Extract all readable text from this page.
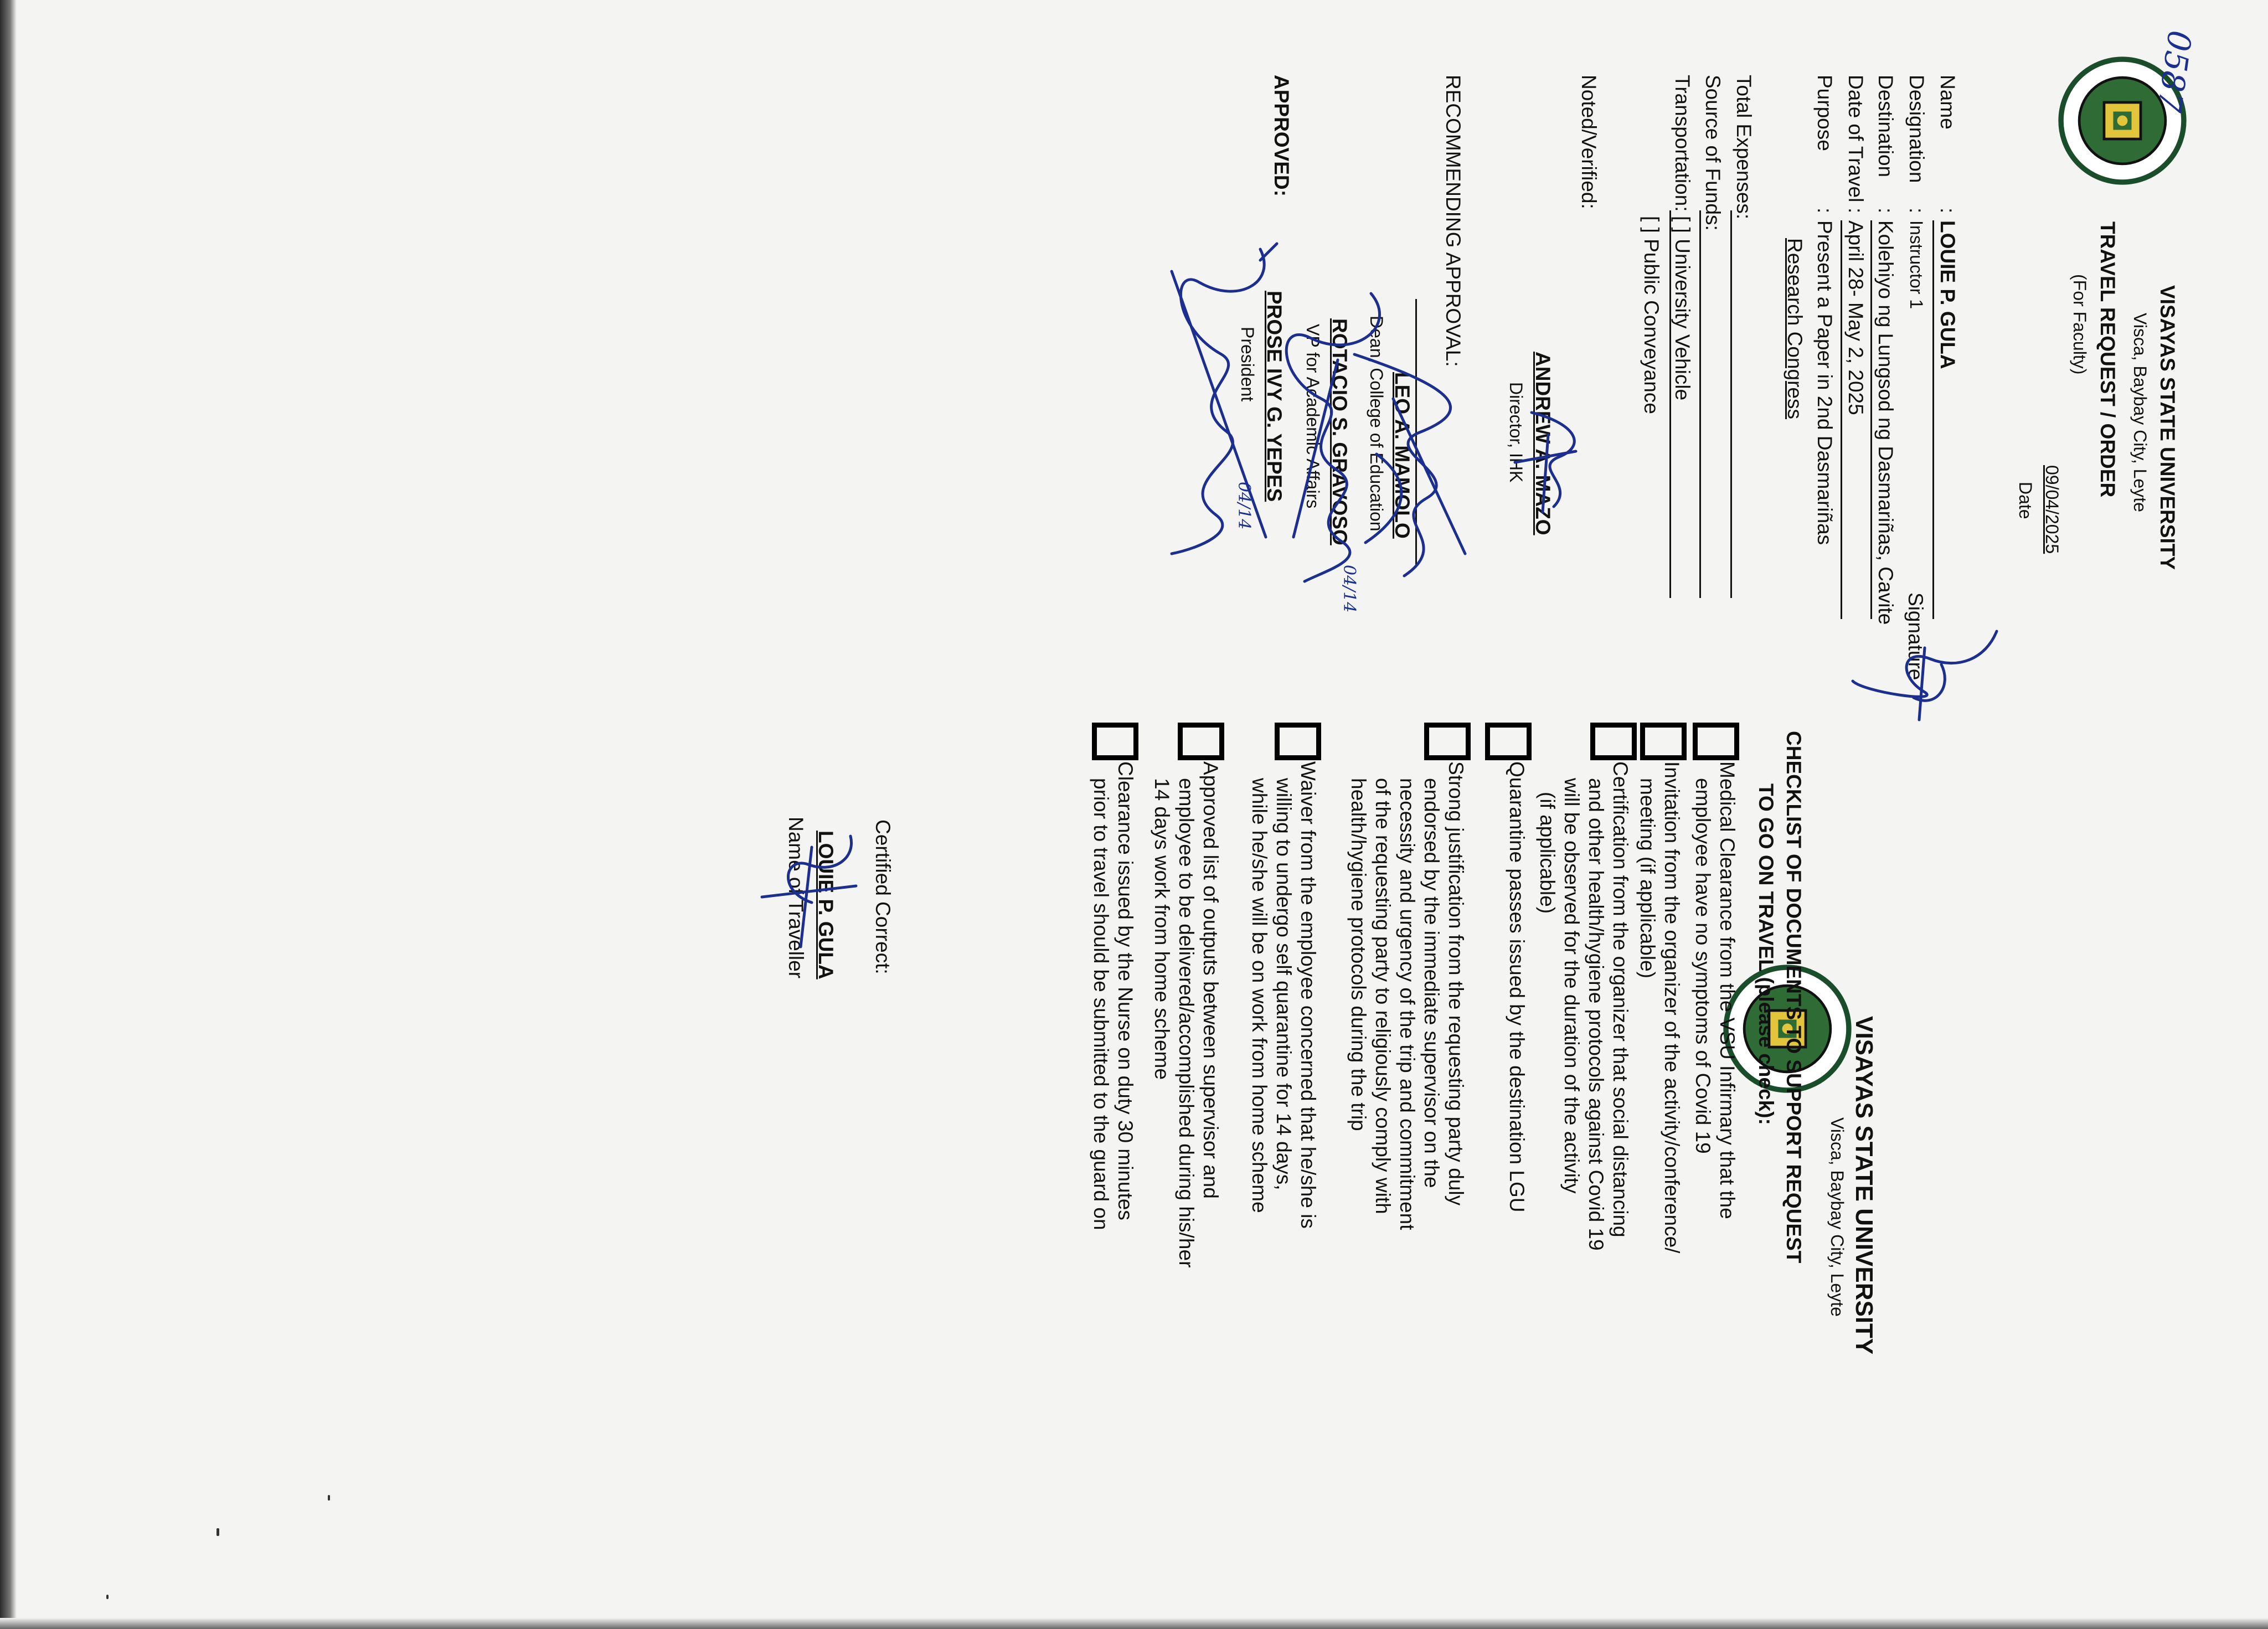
0587
VISAYAS STATE UNIVERSITY
Visca, Baybay City, Leyte
TRAVEL REQUEST / ORDER
(For Faculty)
09/04/2025
Date
Name
Designation
Destination
Date of Travel
Purpose
:
:
:
:
:
LOUIE P. GULA
Instructor 1
Kolehiyo ng Lungsod ng Dasmariñas, Cavite
April 28- May 2, 2025
Present a Paper in 2nd Dasmariñas
Research Congress
Signature
Total Expenses:
Source of Funds:
Transportation:
[ ] University Vehicle
[ ] Public Conveyance
Noted/Verified:
ANDREW A. MAZO
Director, IHK
RECOMMENDING APPROVAL:
LEO A. MAMOLO
Dean, College of Education
ROTACIO S. GRAVOSO
04/14
VP for Academic Affairs
APPROVED:
PROSE IVY G. YEPES
President
04/14
VISAYAS STATE UNIVERSITY
Visca, Baybay City, Leyte
CHECKLIST OF DOCUMENTS TO SUPPORT REQUEST
TO GO ON TRAVEL (please check):
Medical Clearance from the VSU Infirmary that the
employee have no symptoms of Covid 19
Invitation from the organizer of the activity/conference/
meeting (if applicable)
Certification from the organizer that social distancing
and other health/hygiene protocols against Covid 19
will be observed for the duration of the activity
(if applicable)
Quarantine passes issued by the destination LGU
Strong justification from the requesting party duly
endorsed by the immediate supervisor on the
necessity and urgency of the trip and commitment
of the requesting party to religiously comply with
health/hygiene protocols during the trip
Waiver from the employee concerned that he/she is
willing to undergo self quarantine for 14 days,
while he/she will be on work from home scheme
Approved list of outputs between supervisor and
employee to be delivered/accomplished during his/her
14 days work from home scheme
Clearance issued by the Nurse on duty 30 minutes
prior to travel should be submitted to the guard on
Certified Correct:
LOUIE P. GULA
Name of Traveller
